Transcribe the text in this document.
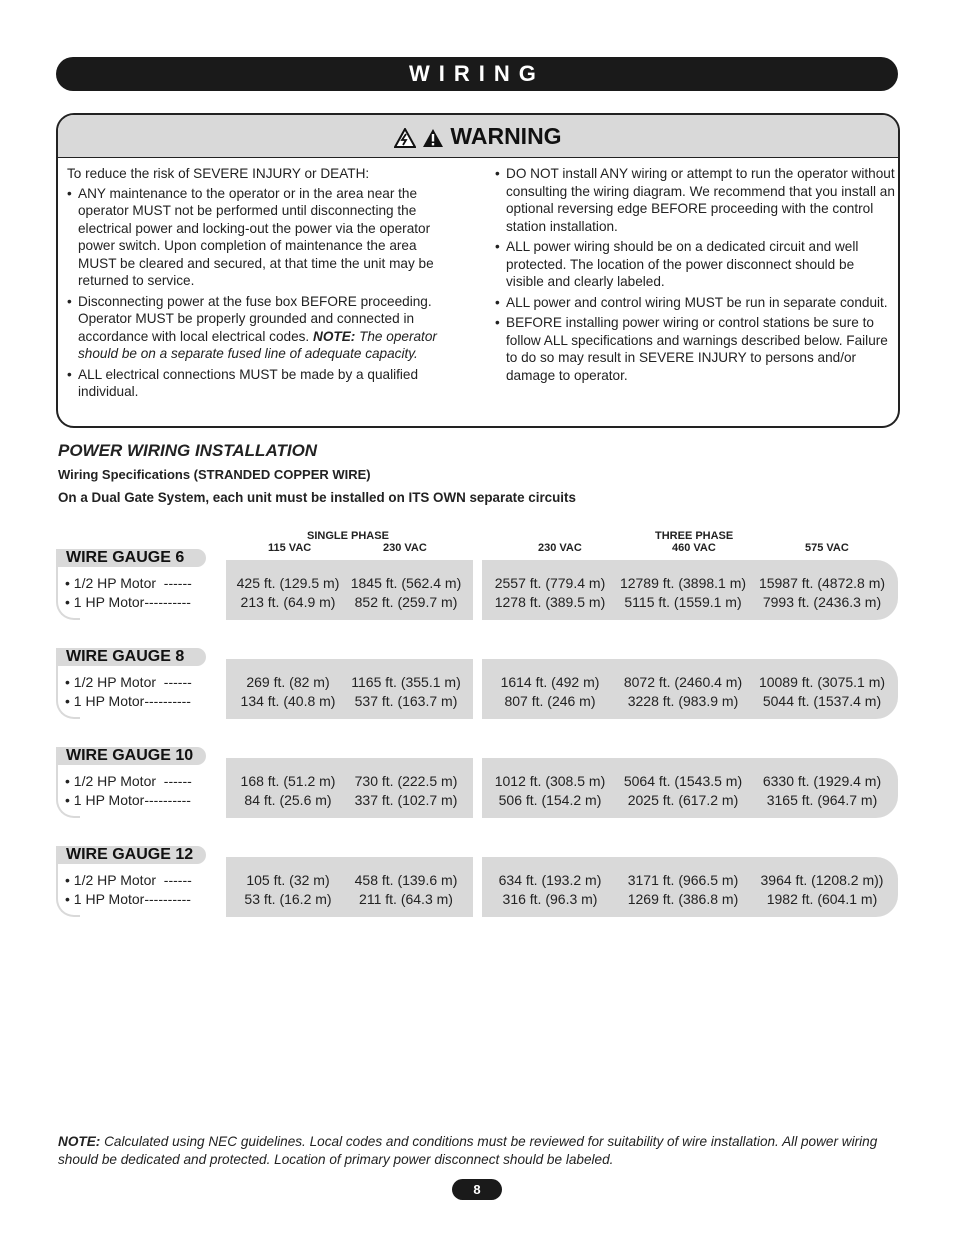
WIRING
WARNING

To reduce the risk of SEVERE INJURY or DEATH:

• ANY maintenance to the operator or in the area near the operator MUST not be performed until disconnecting the electrical power and locking-out the power via the operator power switch. Upon completion of maintenance the area MUST be cleared and secured, at that time the unit may be returned to service.
• Disconnecting power at the fuse box BEFORE proceeding. Operator MUST be properly grounded and connected in accordance with local electrical codes. NOTE: The operator should be on a separate fused line of adequate capacity.
• ALL electrical connections MUST be made by a qualified individual.
• DO NOT install ANY wiring or attempt to run the operator without consulting the wiring diagram. We recommend that you install an optional reversing edge BEFORE proceeding with the control station installation.
• ALL power wiring should be on a dedicated circuit and well protected. The location of the power disconnect should be visible and clearly labeled.
• ALL power and control wiring MUST be run in separate conduit.
• BEFORE installing power wiring or control stations be sure to follow ALL specifications and warnings described below. Failure to do so may result in SEVERE INJURY to persons and/or damage to operator.
POWER WIRING INSTALLATION
Wiring Specifications (STRANDED COPPER WIRE)
On a Dual Gate System, each unit must be installed on ITS OWN separate circuits
SINGLE PHASE
115 VAC	230 VAC
THREE PHASE
230 VAC	460 VAC	575 VAC
• 1/2 HP Motor  ------	425 ft. (129.5 m) 1845 ft. (562.4 m)	2557 ft. (779.4 m)	12789 ft. (3898.1 m) 15987 ft. (4872.8 m)
• 1 HP Motor----------	213 ft. (64.9 m)	852 ft. (259.7 m)	1278 ft. (389.5 m)	5115 ft. (1559.1 m)	7993 ft. (2436.3 m)
WIRE GAUGE 6
• 1/2 HP Motor  ------	269 ft. (82 m)	1165 ft. (355.1 m)	1614 ft. (492 m)	8072 ft. (2460.4 m)	10089 ft. (3075.1 m)
• 1 HP Motor----------	134 ft. (40.8 m)	537 ft. (163.7 m)	807 ft. (246 m)	3228 ft. (983.9 m)	5044 ft. (1537.4 m)
WIRE GAUGE 8
• 1/2 HP Motor  ------	168 ft. (51.2 m)	730 ft. (222.5 m)	1012 ft. (308.5 m)	5064 ft. (1543.5 m)	6330 ft. (1929.4 m)
• 1 HP Motor----------	84 ft. (25.6 m)	337 ft. (102.7 m)	506 ft. (154.2 m)	2025 ft. (617.2 m)	3165 ft. (964.7 m)
WIRE GAUGE 10
• 1/2 HP Motor  ------	105 ft. (32 m)	458 ft. (139.6 m)	634 ft. (193.2 m)	3171 ft. (966.5 m)	3964 ft. (1208.2 m))
• 1 HP Motor----------	53 ft. (16.2 m)	211 ft. (64.3 m)	316 ft. (96.3 m)	1269 ft. (386.8 m)	1982 ft. (604.1 m)
WIRE GAUGE 12
NOTE: Calculated using NEC guidelines. Local codes and conditions must be reviewed for suitability of wire installation. All power wiring should be dedicated and protected. Location of primary power disconnect should be labeled.
8
